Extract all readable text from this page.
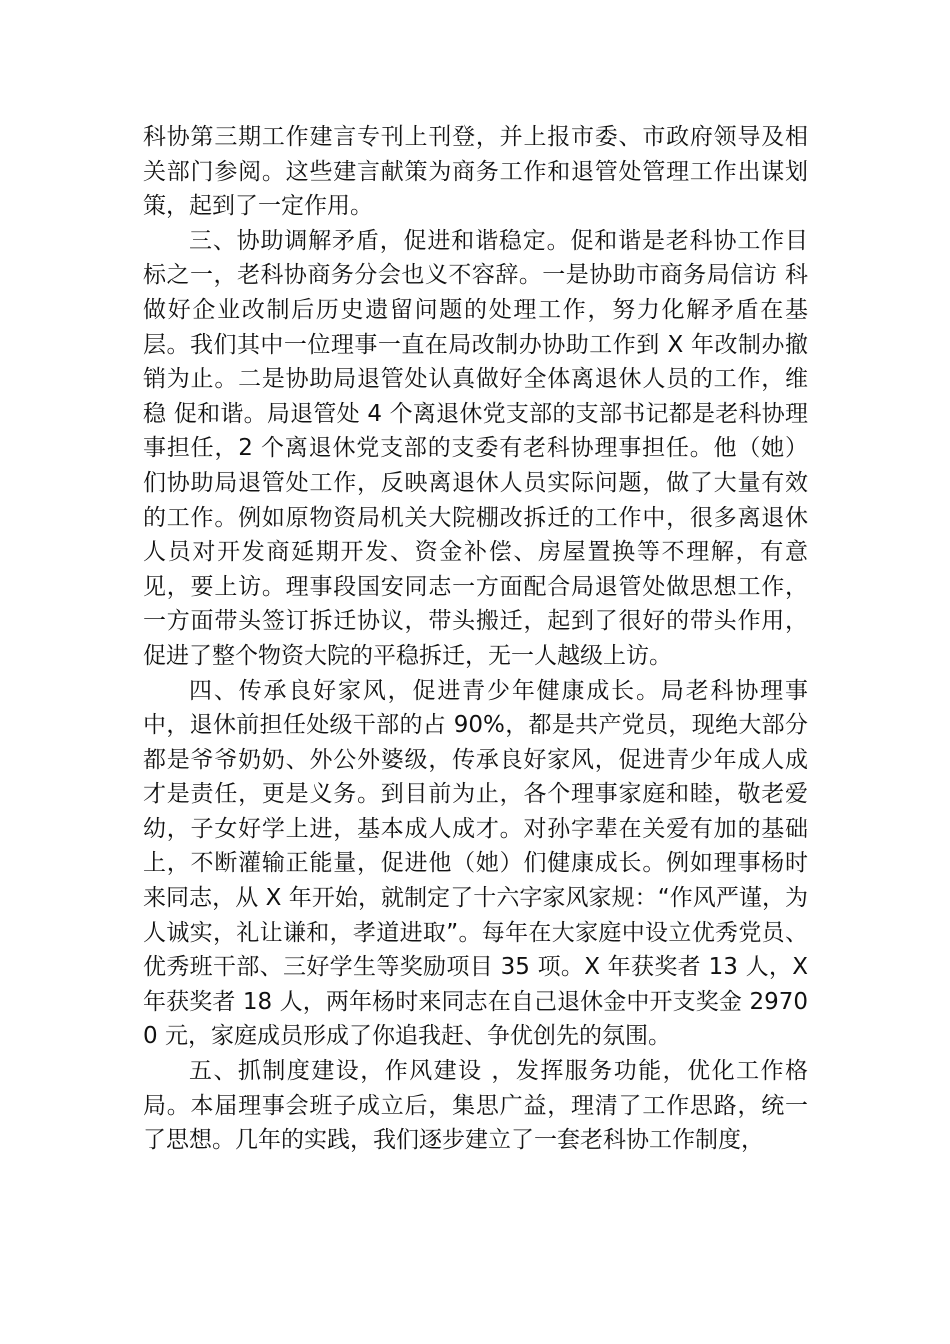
科协第三期工作建言专刊上刊登，并上报市委、市政府领导及相关部门参阅。这些建言献策为商务工作和退管处管理工作出谋划策，起到了一定作用。

三、协助调解矛盾，促进和谐稳定。促和谐是老科协工作目标之一，老科协商务分会也义不容辞。一是协助市商务局信访 科做好企业改制后历史遗留问题的处理工作，努力化解矛盾在基层。我们其中一位理事一直在局改制办协助工作到 X 年改制办撤销为止。二是协助局退管处认真做好全体离退休人员的工作，维稳 促和谐。局退管处 4 个离退休党支部的支部书记都是老科协理事担任，2 个离退休党支部的支委有老科协理事担任。他（她）们协助局退管处工作，反映离退休人员实际问题，做了大量有效的工作。例如原物资局机关大院棚改拆迁的工作中，很多离退休人员对开发商延期开发、资金补偿、房屋置换等不理解，有意见，要上访。理事段国安同志一方面配合局退管处做思想工作，一方面带头签订拆迁协议，带头搬迁，起到了很好的带头作用，促进了整个物资大院的平稳拆迁，无一人越级上访。

四、传承良好家风，促进青少年健康成长。局老科协理事中，退休前担任处级干部的占 90%，都是共产党员，现绝大部分都是爷爷奶奶、外公外婆级，传承良好家风，促进青少年成人成才是责任，更是义务。到目前为止，各个理事家庭和睦，敬老爱幼，子女好学上进，基本成人成才。对孙字辈在关爱有加的基础上，不断灌输正能量，促进他（她）们健康成长。例如理事杨时来同志，从 X 年开始，就制定了十六字家风家规：“作风严谨，为人诚实，礼让谦和，孝道进取”。每年在大家庭中设立优秀党员、优秀班干部、三好学生等奖励项目 35 项。X 年获奖者 13 人，X 年获奖者 18 人，两年杨时来同志在自己退休金中开支奖金 29700 元，家庭成员形成了你追我赶、争优创先的氛围。

五、抓制度建设，作风建设 ，发挥服务功能，优化工作格局。本届理事会班子成立后，集思广益，理清了工作思路，统一了思想。几年的实践，我们逐步建立了一套老科协工作制度，
